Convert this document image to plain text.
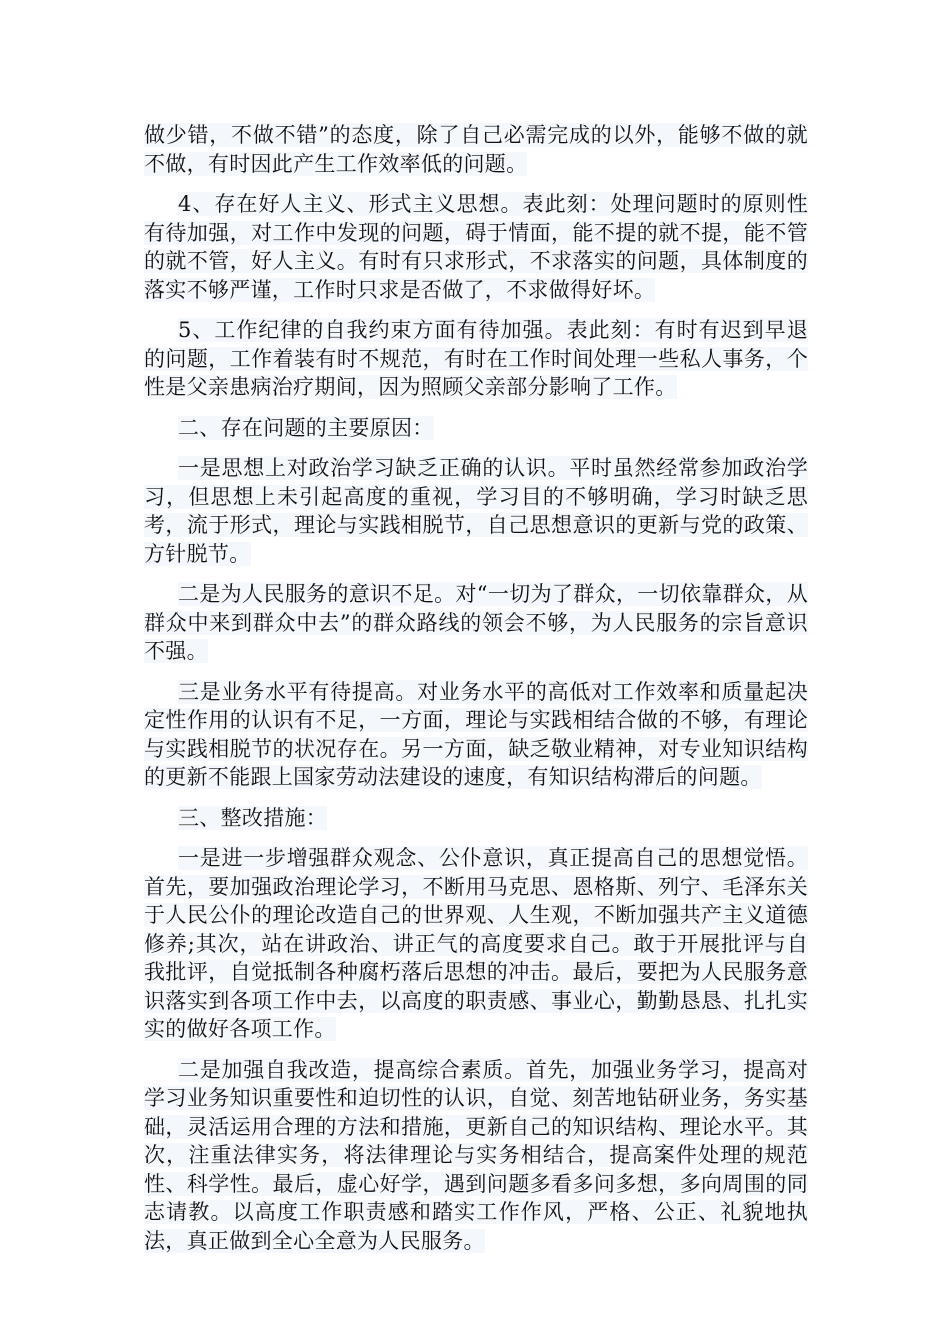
做少错，不做不错”的态度，除了自己必需完成的以外，能够不做的就不做，有时因此产生工作效率低的问题。

4、存在好人主义、形式主义思想。表此刻：处理问题时的原则性有待加强，对工作中发现的问题，碍于情面，能不提的就不提，能不管的就不管，好人主义。有时有只求形式，不求落实的问题，具体制度的落实不够严谨，工作时只求是否做了，不求做得好坏。

5、工作纪律的自我约束方面有待加强。表此刻：有时有迟到早退的问题，工作着装有时不规范，有时在工作时间处理一些私人事务，个性是父亲患病治疗期间，因为照顾父亲部分影响了工作。

二、存在问题的主要原因：

一是思想上对政治学习缺乏正确的认识。平时虽然经常参加政治学习，但思想上未引起高度的重视，学习目的不够明确，学习时缺乏思考，流于形式，理论与实践相脱节，自己思想意识的更新与党的政策、方针脱节。

二是为人民服务的意识不足。对“一切为了群众，一切依靠群众，从群众中来到群众中去”的群众路线的领会不够，为人民服务的宗旨意识不强。

三是业务水平有待提高。对业务水平的高低对工作效率和质量起决定性作用的认识有不足，一方面，理论与实践相结合做的不够，有理论与实践相脱节的状况存在。另一方面，缺乏敬业精神，对专业知识结构的更新不能跟上国家劳动法建设的速度，有知识结构滞后的问题。

三、整改措施：

一是进一步增强群众观念、公仆意识，真正提高自己的思想觉悟。首先，要加强政治理论学习，不断用马克思、恩格斯、列宁、毛泽东关于人民公仆的理论改造自己的世界观、人生观，不断加强共产主义道德修养;其次，站在讲政治、讲正气的高度要求自己。敢于开展批评与自我批评，自觉抵制各种腐朽落后思想的冲击。最后，要把为人民服务意识落实到各项工作中去，以高度的职责感、事业心，勤勤恳恳、扎扎实实的做好各项工作。

二是加强自我改造，提高综合素质。首先，加强业务学习，提高对学习业务知识重要性和迫切性的认识，自觉、刻苦地钻研业务，务实基础，灵活运用合理的方法和措施，更新自己的知识结构、理论水平。其次，注重法律实务，将法律理论与实务相结合，提高案件处理的规范性、科学性。最后，虚心好学，遇到问题多看多问多想，多向周围的同志请教。以高度工作职责感和踏实工作作风，严格、公正、礼貌地执法，真正做到全心全意为人民服务。
